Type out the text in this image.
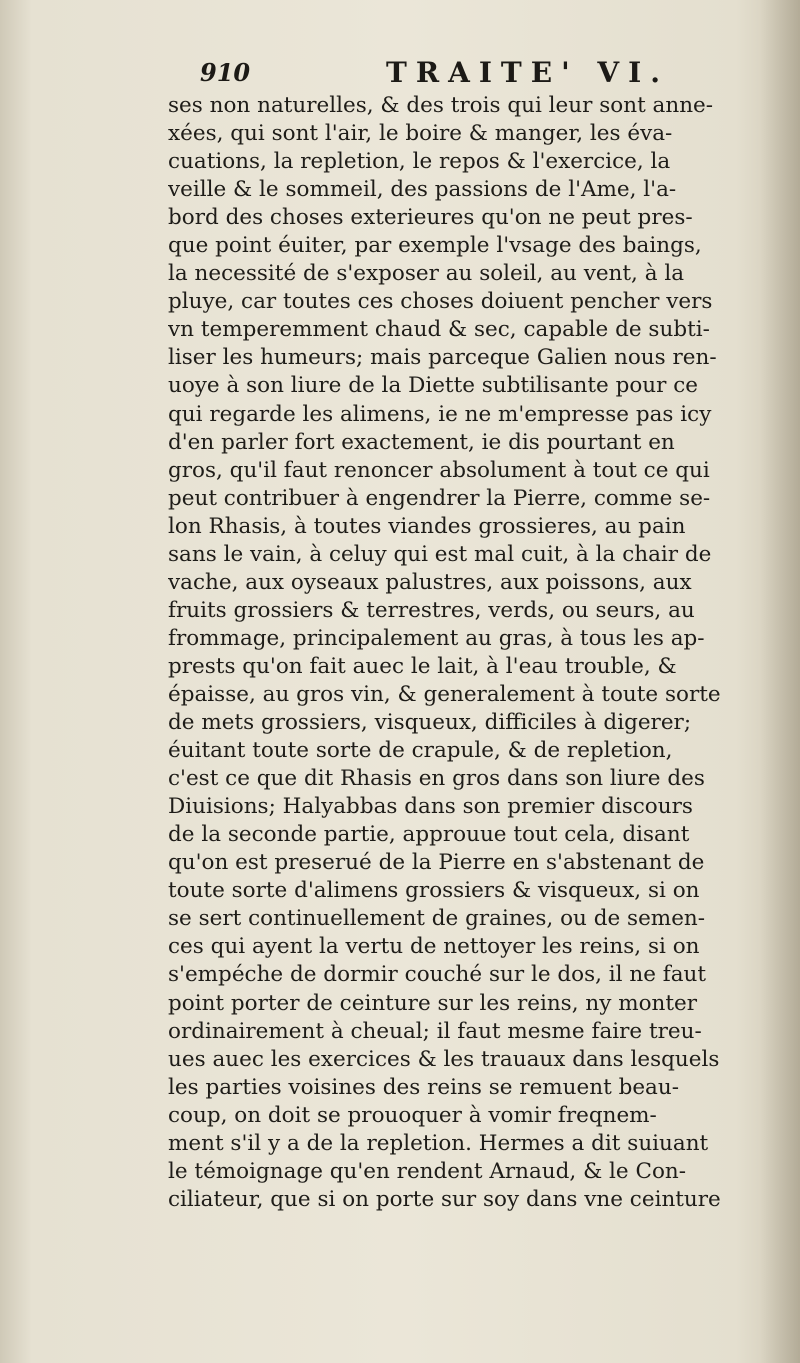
910	TRAITE' VI.
ses non naturelles, & des trois qui leur sont anne-
xées, qui sont l'air, le boire & manger, les éva-
cuations, la repletion, le repos & l'exercice, la
veille & le sommeil, des passions de l'Ame, l'a-
bord des choses exterieures qu'on ne peut pres-
que point éuiter, par exemple l'vsage des baings,
la necessité de s'exposer au soleil, au vent, à la
pluye, car toutes ces choses doiuent pencher vers
vn temperemment chaud & sec, capable de subti-
liser les humeurs; mais parceque Galien nous ren-
uoye à son liure de la Diette subtilisante pour ce
qui regarde les alimens, ie ne m'empresse pas icy
d'en parler fort exactement, ie dis pourtant en
gros, qu'il faut renoncer absolument à tout ce qui
peut contribuer à engendrer la Pierre, comme se-
lon Rhasis, à toutes viandes grossieres, au pain
sans le vain, à celuy qui est mal cuit, à la chair de
vache, aux oyseaux palustres, aux poissons, aux
fruits grossiers & terrestres, verds, ou seurs, au
frommage, principalement au gras, à tous les ap-
prests qu'on fait auec le lait, à l'eau trouble, &
épaisse, au gros vin, & generalement à toute sorte
de mets grossiers, visqueux, difficiles à digerer;
éuitant toute sorte de crapule, & de repletion,
c'est ce que dit Rhasis en gros dans son liure des
Diuisions; Halyabbas dans son premier discours
de la seconde partie, approuue tout cela, disant
qu'on est preserué de la Pierre en s'abstenant de
toute sorte d'alimens grossiers & visqueux, si on
se sert continuellement de graines, ou de semen-
ces qui ayent la vertu de nettoyer les reins, si on
s'empéche de dormir couché sur le dos, il ne faut
point porter de ceinture sur les reins, ny monter
ordinairement à cheual; il faut mesme faire treu-
ues auec les exercices & les trauaux dans lesquels
les parties voisines des reins se remuent beau-
coup, on doit se prouoquer à vomir freqnem-
ment s'il y a de la repletion. Hermes a dit suiuant
le témoignage qu'en rendent Arnaud, & le Con-
ciliateur, que si on porte sur soy dans vne ceinture
